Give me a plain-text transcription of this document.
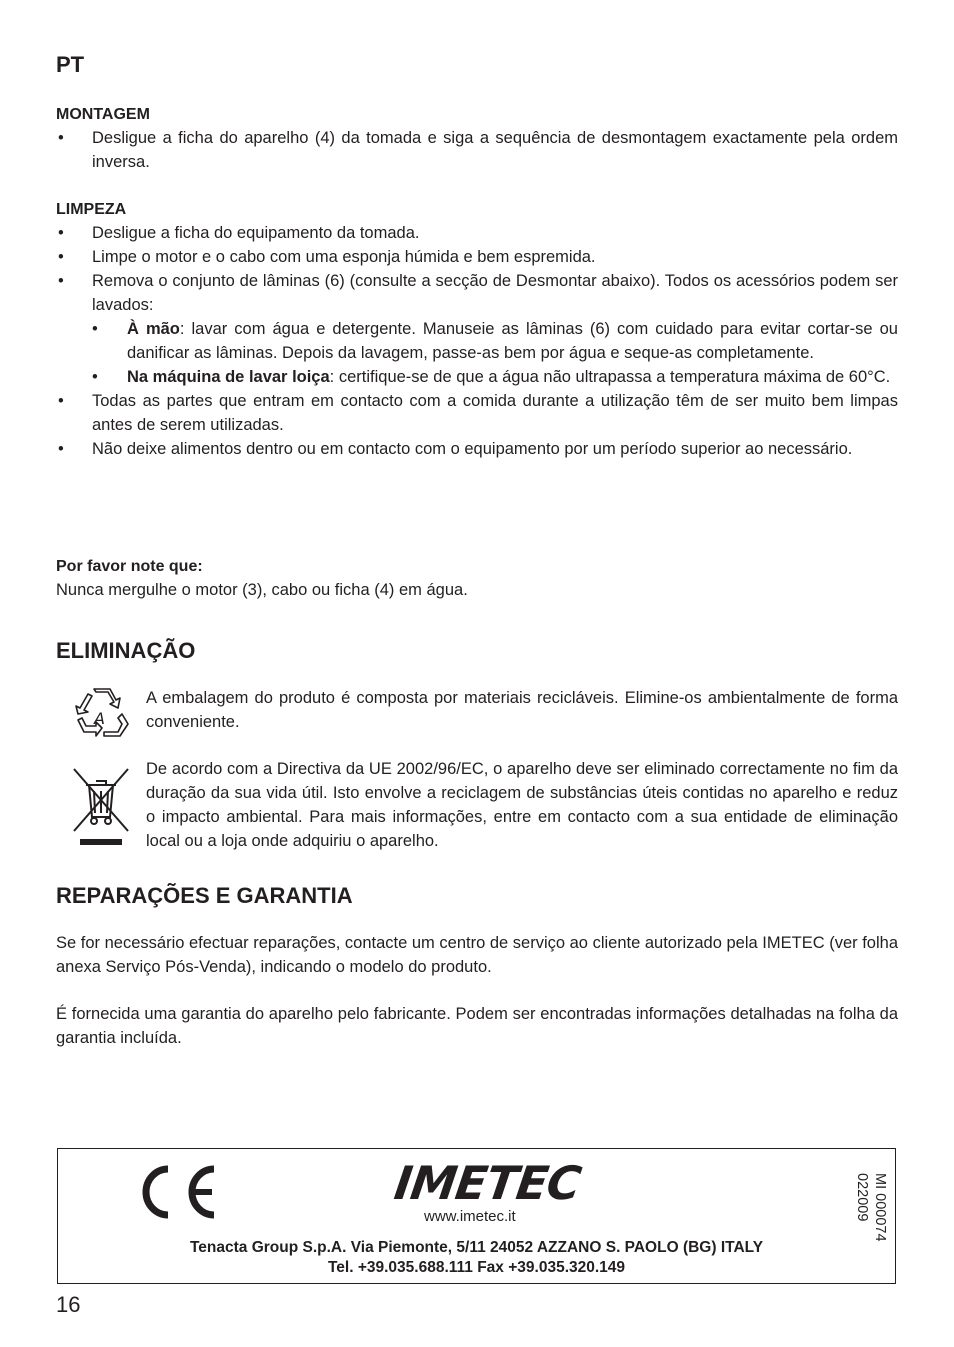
PT
MONTAGEM
• Desligue a ficha do aparelho (4) da tomada e siga a sequência de desmontagem exactamente pela ordem inversa.
LIMPEZA
• Desligue a ficha do equipamento da tomada.
• Limpe o motor e o cabo com uma esponja húmida e bem espremida.
• Remova o conjunto de lâminas (6) (consulte a secção de Desmontar abaixo). Todos os acessórios podem ser lavados:
• À mão: lavar com água e detergente. Manuseie as lâminas (6) com cuidado para evitar cortar-se ou danificar as lâminas. Depois da lavagem, passe-as bem por água e seque-as completamente.
• Na máquina de lavar loiça: certifique-se de que a água não ultrapassa a temperatura máxima de 60°C.
• Todas as partes que entram em contacto com a comida durante a utilização têm de ser muito bem limpas antes de serem utilizadas.
• Não deixe alimentos dentro ou em contacto com o equipamento por um período superior ao necessário.
Por favor note que:
Nunca mergulhe o motor (3), cabo ou ficha (4) em água.
ELIMINAÇÃO
A
A embalagem do produto é composta por materiais recicláveis. Elimine-os ambientalmente de forma conveniente.
De acordo com a Directiva da UE 2002/96/EC, o aparelho deve ser eliminado correctamente no fim da duração da sua vida útil. Isto envolve a reciclagem de substâncias úteis contidas no aparelho e reduz o impacto ambiental. Para mais informações, entre em contacto com a sua entidade de eliminação local ou a loja onde adquiriu o aparelho.
REPARAÇÕES E GARANTIA
Se for necessário efectuar reparações, contacte um centro de serviço ao cliente autorizado pela IMETEC (ver folha anexa Serviço Pós-Venda), indicando o modelo do produto.
É fornecida uma garantia do aparelho pelo fabricante. Podem ser encontradas informações detalhadas na folha da garantia incluída.
IMETEC
www.imetec.it
Tenacta Group S.p.A. Via Piemonte, 5/11 24052 AZZANO S. PAOLO (BG) ITALY
Tel. +39.035.688.111 Fax +39.035.320.149
MI 000074
022009
16
